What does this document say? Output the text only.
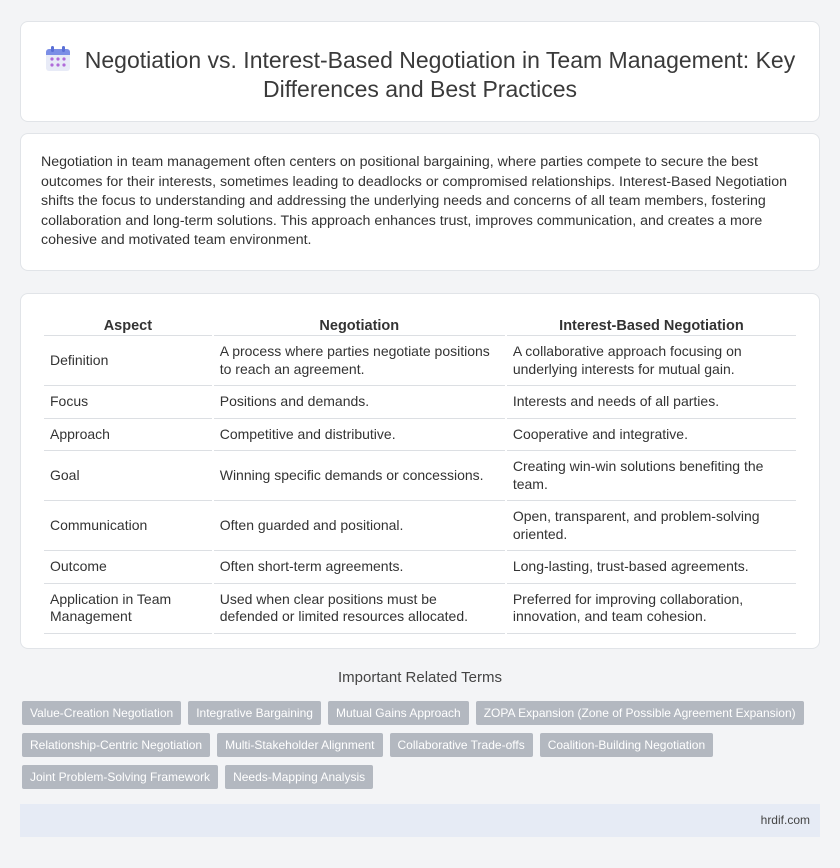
Negotiation vs. Interest-Based Negotiation in Team Management: Key Differences and Best Practices

Negotiation in team management often centers on positional bargaining, where parties compete to secure the best outcomes for their interests, sometimes leading to deadlocks or compromised relationships. Interest-Based Negotiation shifts the focus to understanding and addressing the underlying needs and concerns of all team members, fostering collaboration and long-term solutions. This approach enhances trust, improves communication, and creates a more cohesive and motivated team environment.

Aspect	Negotiation	Interest-Based Negotiation
Definition	A process where parties negotiate positions to reach an agreement.	A collaborative approach focusing on underlying interests for mutual gain.
Focus	Positions and demands.	Interests and needs of all parties.
Approach	Competitive and distributive.	Cooperative and integrative.
Goal	Winning specific demands or concessions.	Creating win-win solutions benefiting the team.
Communication	Often guarded and positional.	Open, transparent, and problem-solving oriented.
Outcome	Often short-term agreements.	Long-lasting, trust-based agreements.
Application in Team Management	Used when clear positions must be defended or limited resources allocated.	Preferred for improving collaboration, innovation, and team cohesion.
Important Related Terms
Value-Creation Negotiation	Integrative Bargaining	Mutual Gains Approach	ZOPA Expansion (Zone of Possible Agreement Expansion)
Relationship-Centric Negotiation	Multi-Stakeholder Alignment	Collaborative Trade-offs	Coalition-Building Negotiation
Joint Problem-Solving Framework	Needs-Mapping Analysis
hrdif.com
